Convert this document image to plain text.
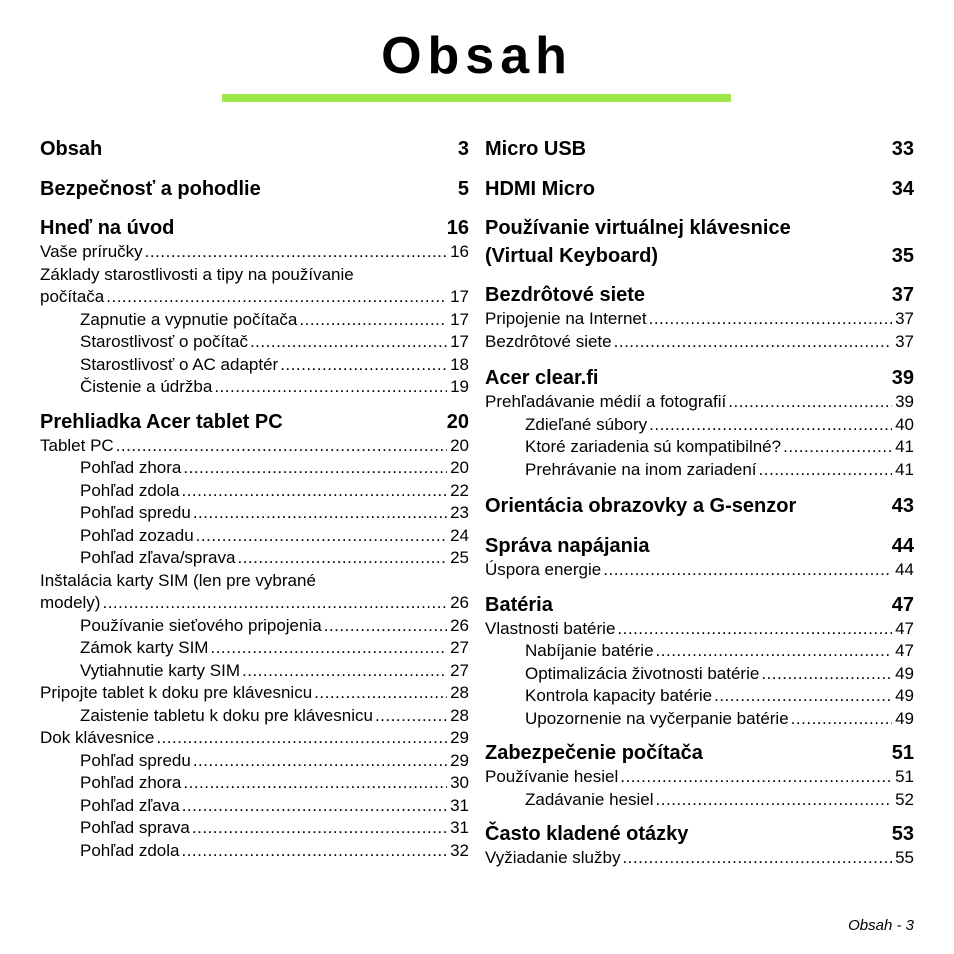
Obsah
Obsah	3
Bezpečnosť a pohodlie	5
Hneď na úvod	16
Vaše príručky .....	16
Základy starostlivosti a tipy na používanie
počítača .....	17
Zapnutie a vypnutie počítača .....	17
Starostlivosť o počítač .....	17
Starostlivosť o AC adaptér .....	18
Čistenie a údržba .....	19
Prehliadka Acer tablet PC	20
Tablet PC .....	20
Pohľad zhora .....	20
Pohľad zdola .....	22
Pohľad spredu .....	23
Pohľad zozadu .....	24
Pohľad zľava/sprava .....	25
Inštalácia karty SIM (len pre vybrané
modely) .....	26
Používanie sieťového pripojenia .....	26
Zámok karty SIM .....	27
Vytiahnutie karty SIM .....	27
Pripojte tablet k doku pre klávesnicu .....	28
Zaistenie tabletu k doku pre klávesnicu .....	28
Dok klávesnice .....	29
Pohľad spredu .....	29
Pohľad zhora .....	30
Pohľad zľava .....	31
Pohľad sprava .....	31
Pohľad zdola .....	32
Micro USB	33
HDMI Micro	34
Používanie virtuálnej klávesnice
(Virtual Keyboard)	35
Bezdrôtové siete	37
Pripojenie na Internet .....	37
Bezdrôtové siete .....	37
Acer clear.fi	39
Prehľadávanie médií a fotografií .....	39
Zdieľané súbory .....	40
Ktoré zariadenia sú kompatibilné? .....	41
Prehrávanie na inom zariadení .....	41
Orientácia obrazovky a G-senzor	43
Správa napájania	44
Úspora energie .....	44
Batéria	47
Vlastnosti batérie .....	47
Nabíjanie batérie .....	47
Optimalizácia životnosti batérie .....	49
Kontrola kapacity batérie .....	49
Upozornenie na vyčerpanie batérie .....	49
Zabezpečenie počítača	51
Používanie hesiel .....	51
Zadávanie hesiel .....	52
Často kladené otázky	53
Vyžiadanie služby .....	55
Obsah - 3
